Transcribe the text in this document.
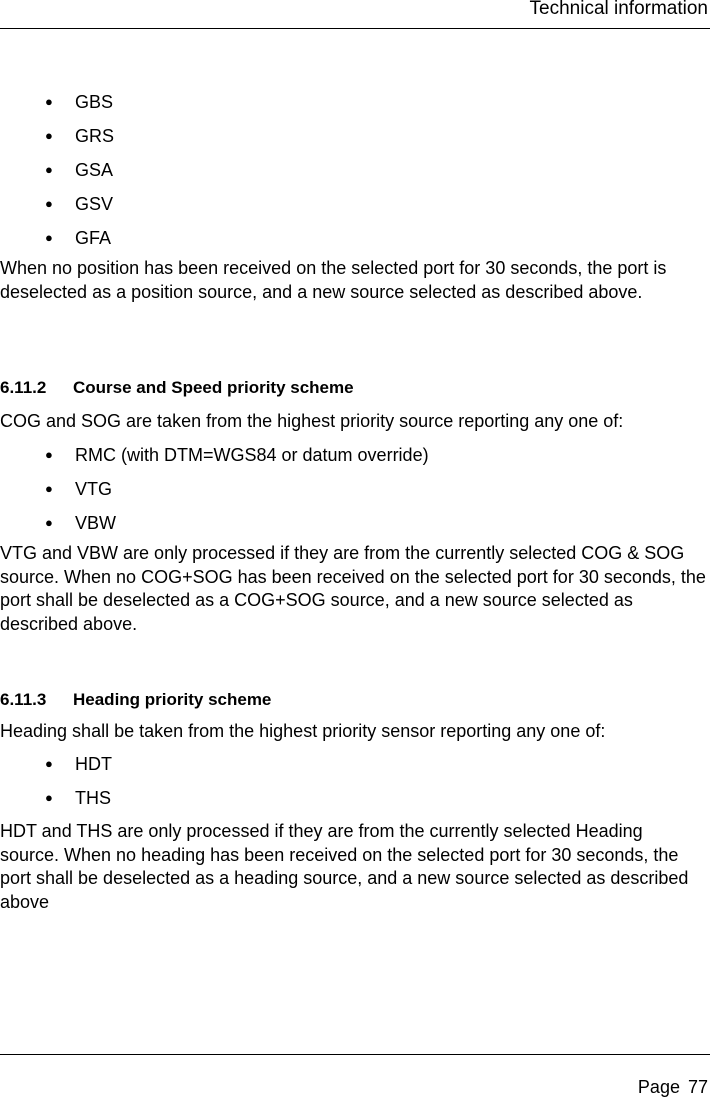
Technical information
● GBS
● GRS
● GSA
● GSV
● GFA

When no position has been received on the selected port for 30 seconds, the port is deselected as a position source, and a new source selected as described above.

6.11.2 Course and Speed priority scheme

COG and SOG are taken from the highest priority source reporting any one of:

● RMC (with DTM=WGS84 or datum override)
● VTG
● VBW

VTG and VBW are only processed if they are from the currently selected COG & SOG source. When no COG+SOG has been received on the selected port for 30 seconds, the port shall be deselected as a COG+SOG source, and a new source selected as described above.

6.11.3 Heading priority scheme

Heading shall be taken from the highest priority sensor reporting any one of:

● HDT
● THS

HDT and THS are only processed if they are from the currently selected Heading source. When no heading has been received on the selected port for 30 seconds, the port shall be deselected as a heading source, and a new source selected as described above

Page 77
